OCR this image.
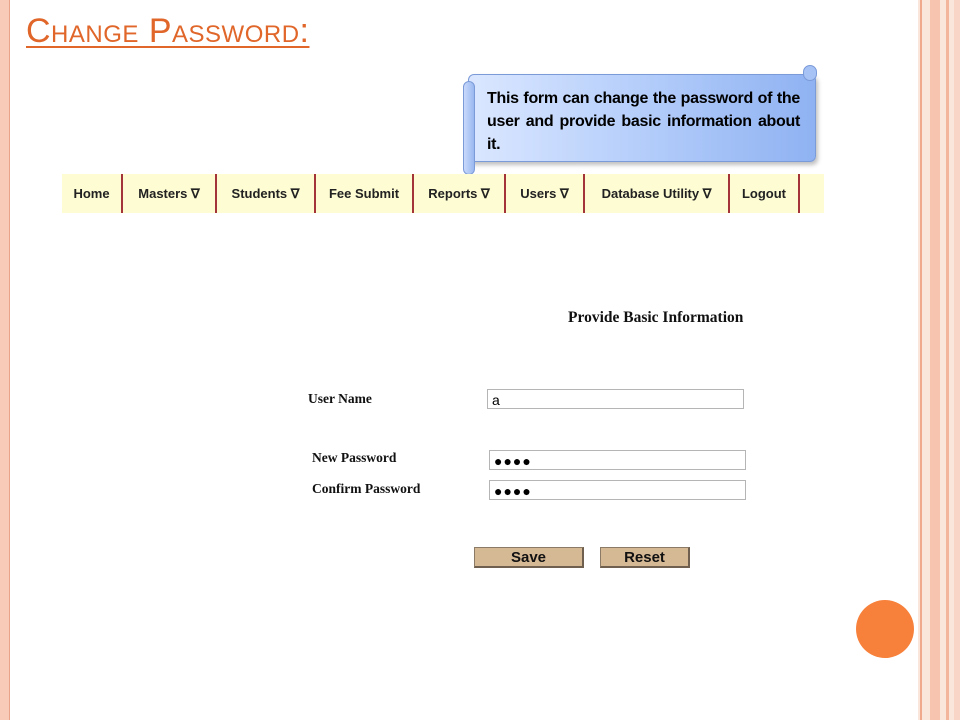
Change Password:
This form can change the password of the user and provide basic information about it.
Home	Masters ∇	Students ∇	Fee Submit	Reports ∇	Users ∇	Database Utility ∇	Logout
Provide Basic Information
User Name	a
New Password	●●●●
Confirm Password	●●●●
Save	Reset
